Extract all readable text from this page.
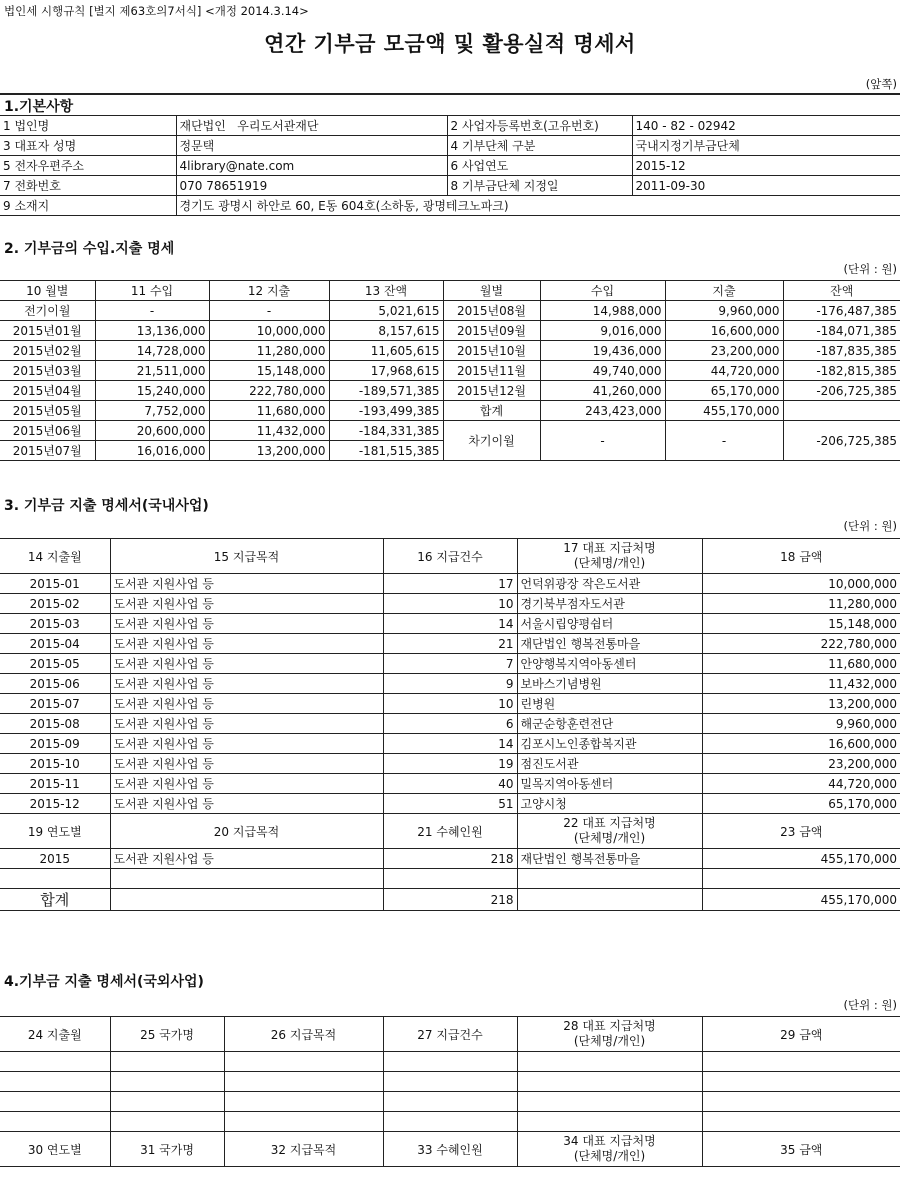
법인세 시행규칙 [별지 제63호의7서식] <개정 2014.3.14>
연간 기부금 모금액 및 활용실적 명세서
(앞쪽)
1.기본사항
1 법인명	재단법인   우리도서관재단	2 사업자등록번호(고유번호)	140 - 82 - 02942
3 대표자 성명	정문택	4 기부단체 구분	국내지정기부금단체
5 전자우편주소	4library@nate.com	6 사업연도	2015-12
7 전화번호	070 78651919	8 기부금단체 지정일	2011-09-30
9 소재지	경기도 광명시 하안로 60, E동 604호(소하동, 광명테크노파크)		
2. 기부금의 수입.지출 명세
(단위 : 원)
10 월별	11 수입	12 지출	13 잔액	월별	수입	지출	잔액
전기이월	-	-	5,021,615	2015년08월	14,988,000	9,960,000	-176,487,385
2015년01월	13,136,000	10,000,000	8,157,615	2015년09월	9,016,000	16,600,000	-184,071,385
2015년02월	14,728,000	11,280,000	11,605,615	2015년10월	19,436,000	23,200,000	-187,835,385
2015년03월	21,511,000	15,148,000	17,968,615	2015년11월	49,740,000	44,720,000	-182,815,385
2015년04월	15,240,000	222,780,000	-189,571,385	2015년12월	41,260,000	65,170,000	-206,725,385
2015년05월	7,752,000	11,680,000	-193,499,385	합계	243,423,000	455,170,000	
2015년06월	20,600,000	11,432,000	-184,331,385	차기이월	-	-	-206,725,385
2015년07월	16,016,000	13,200,000	-181,515,385				
3. 기부금 지출 명세서(국내사업)
(단위 : 원)
14 지출월	15 지급목적	16 지급건수	17 대표 지급처명
(단체명/개인)	18 금액
2015-01	도서관 지원사업 등	17	언덕위광장 작은도서관	10,000,000
2015-02	도서관 지원사업 등	10	경기북부점자도서관	11,280,000
2015-03	도서관 지원사업 등	14	서울시립양평쉼터	15,148,000
2015-04	도서관 지원사업 등	21	재단법인 행복전통마을	222,780,000
2015-05	도서관 지원사업 등	7	안양행복지역아동센터	11,680,000
2015-06	도서관 지원사업 등	9	보바스기념병원	11,432,000
2015-07	도서관 지원사업 등	10	린병원	13,200,000
2015-08	도서관 지원사업 등	6	해군순항훈련전단	9,960,000
2015-09	도서관 지원사업 등	14	김포시노인종합복지관	16,600,000
2015-10	도서관 지원사업 등	19	점진도서관	23,200,000
2015-11	도서관 지원사업 등	40	밀목지역아동센터	44,720,000
2015-12	도서관 지원사업 등	51	고양시청	65,170,000
19 연도별	20 지급목적	21 수혜인원	22 대표 지급처명
(단체명/개인)	23 금액
2015	도서관 지원사업 등	218	재단법인 행복전통마을	455,170,000

합계		218		455,170,000
4.기부금 지출 명세서(국외사업)
(단위 : 원)
24 지출월	25 국가명	26 지급목적	27 지급건수	28 대표 지급처명
(단체명/개인)	29 금액

30 연도별	31 국가명	32 지급목적	33 수혜인원	34 대표 지급처명
(단체명/개인)	35 금액
